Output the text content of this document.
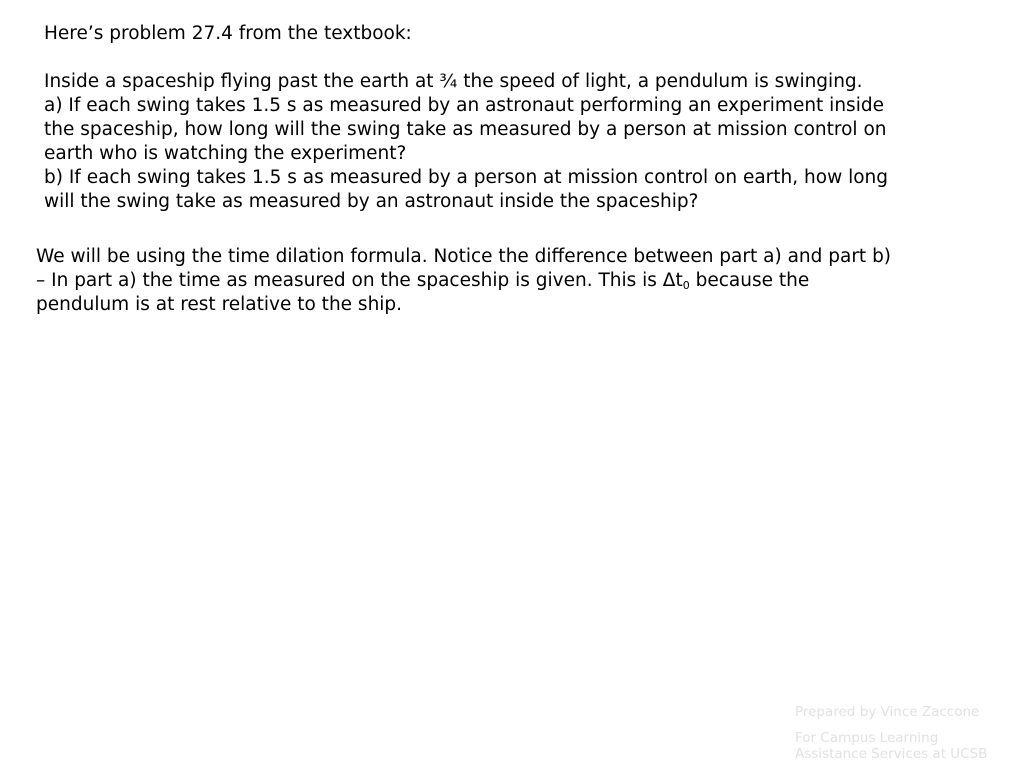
Here’s problem 27.4 from the textbook:

Inside a spaceship flying past the earth at ¾ the speed of light, a pendulum is swinging.

a) If each swing takes 1.5 s as measured by an astronaut performing an experiment inside

the spaceship, how long will the swing take as measured by a person at mission control on

earth who is watching the experiment?

b) If each swing takes 1.5 s as measured by a person at mission control on earth, how long

will the swing take as measured by an astronaut inside the spaceship?

We will be using the time dilation formula. Notice the difference between part a) and part b)

– In part a) the time as measured on the spaceship is given. This is $\Delta t_0$ because the

pendulum is at rest relative to the ship.

Prepared by Vince Zaccone

For Campus Learning

Assistance Services at UCSB
